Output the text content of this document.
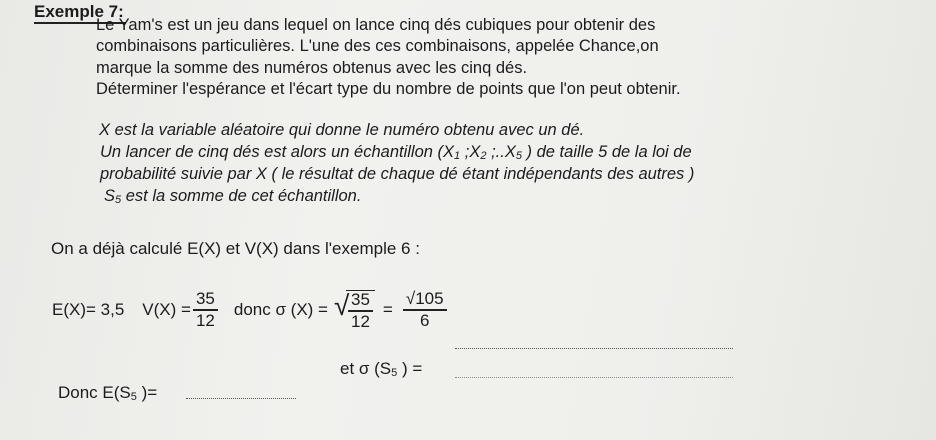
Exemple 7:
Le Yam's est un jeu dans lequel on lance cinq dés cubiques pour obtenir des
combinaisons particulières. L'une des ces combinaisons, appelée Chance,on
marque la somme des numéros obtenus avec les cinq dés.
Déterminer l'espérance et l'écart type du nombre de points que l'on peut obtenir.
X est la variable aléatoire qui donne le numéro obtenu avec un dé.
Un lancer de cinq dés est alors un échantillon (X1 ;X2 ;..X5 ) de taille 5 de la loi de
probabilité suivie par X ( le résultat de chaque dé étant indépendants des autres )
S5 est la somme de cet échantillon.
On a déjà calculé E(X) et V(X) dans l'exemple 6 :
E(X)= 3,5 $V(X) = \frac{35}{12}$ donc σ (X) = √
$\frac{35}{12} = \frac{√105}{6}$
et σ (S5 ) =
Donc E(S5 )=
